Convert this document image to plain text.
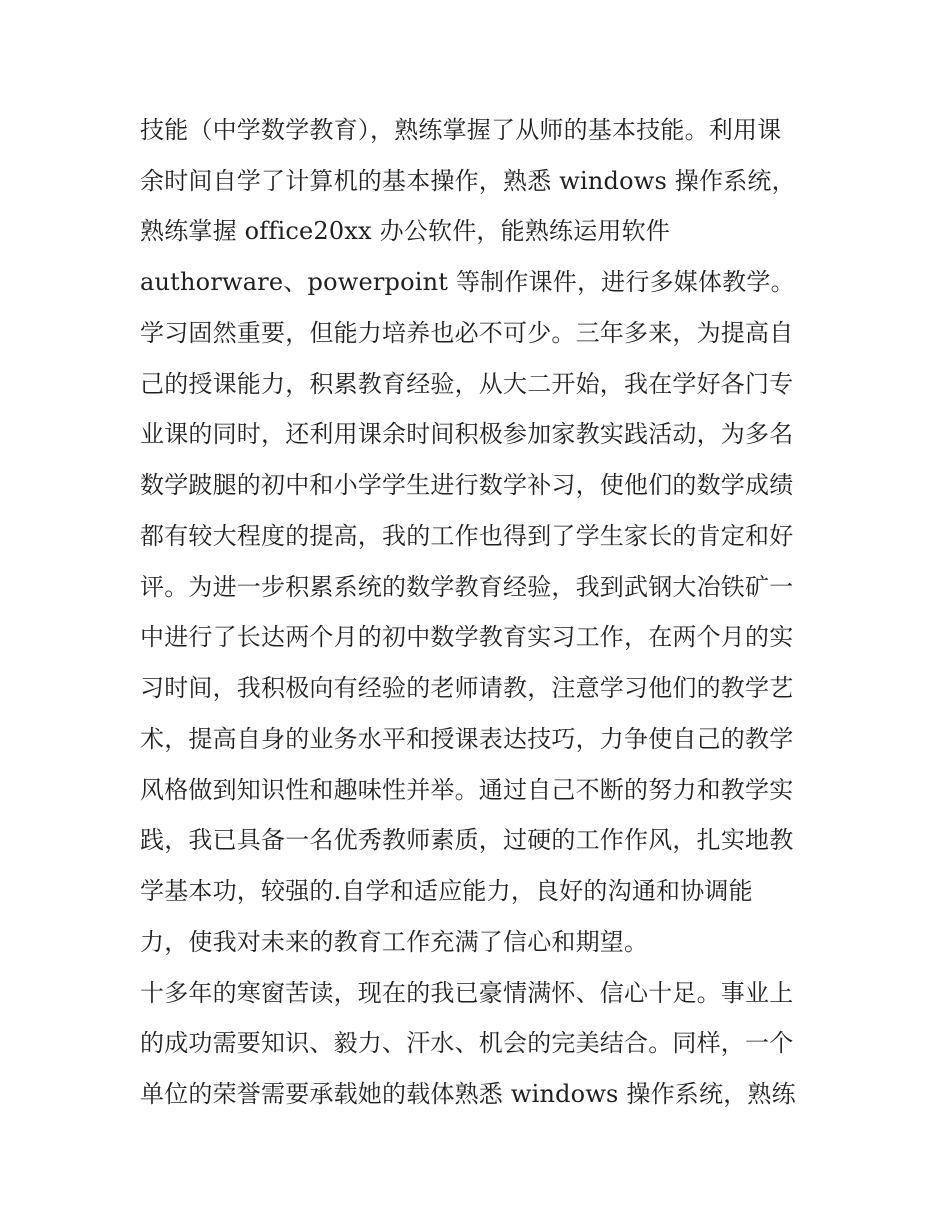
技能（中学数学教育），熟练掌握了从师的基本技能。利用课
余时间自学了计算机的基本操作，熟悉 windows 操作系统，
熟练掌握 office20xx 办公软件，能熟练运用软件
authorware、powerpoint 等制作课件，进行多媒体教学。
学习固然重要，但能力培养也必不可少。三年多来，为提高自
己的授课能力，积累教育经验，从大二开始，我在学好各门专
业课的同时，还利用课余时间积极参加家教实践活动，为多名
数学跛腿的初中和小学学生进行数学补习，使他们的数学成绩
都有较大程度的提高，我的工作也得到了学生家长的肯定和好
评。为进一步积累系统的数学教育经验，我到武钢大冶铁矿一
中进行了长达两个月的初中数学教育实习工作，在两个月的实
习时间，我积极向有经验的老师请教，注意学习他们的教学艺
术，提高自身的业务水平和授课表达技巧，力争使自己的教学
风格做到知识性和趣味性并举。通过自己不断的努力和教学实
践，我已具备一名优秀教师素质，过硬的工作作风，扎实地教
学基本功，较强的.自学和适应能力，良好的沟通和协调能
力，使我对未来的教育工作充满了信心和期望。
十多年的寒窗苦读，现在的我已豪情满怀、信心十足。事业上
的成功需要知识、毅力、汗水、机会的完美结合。同样，一个
单位的荣誉需要承载她的载体熟悉 windows 操作系统，熟练
